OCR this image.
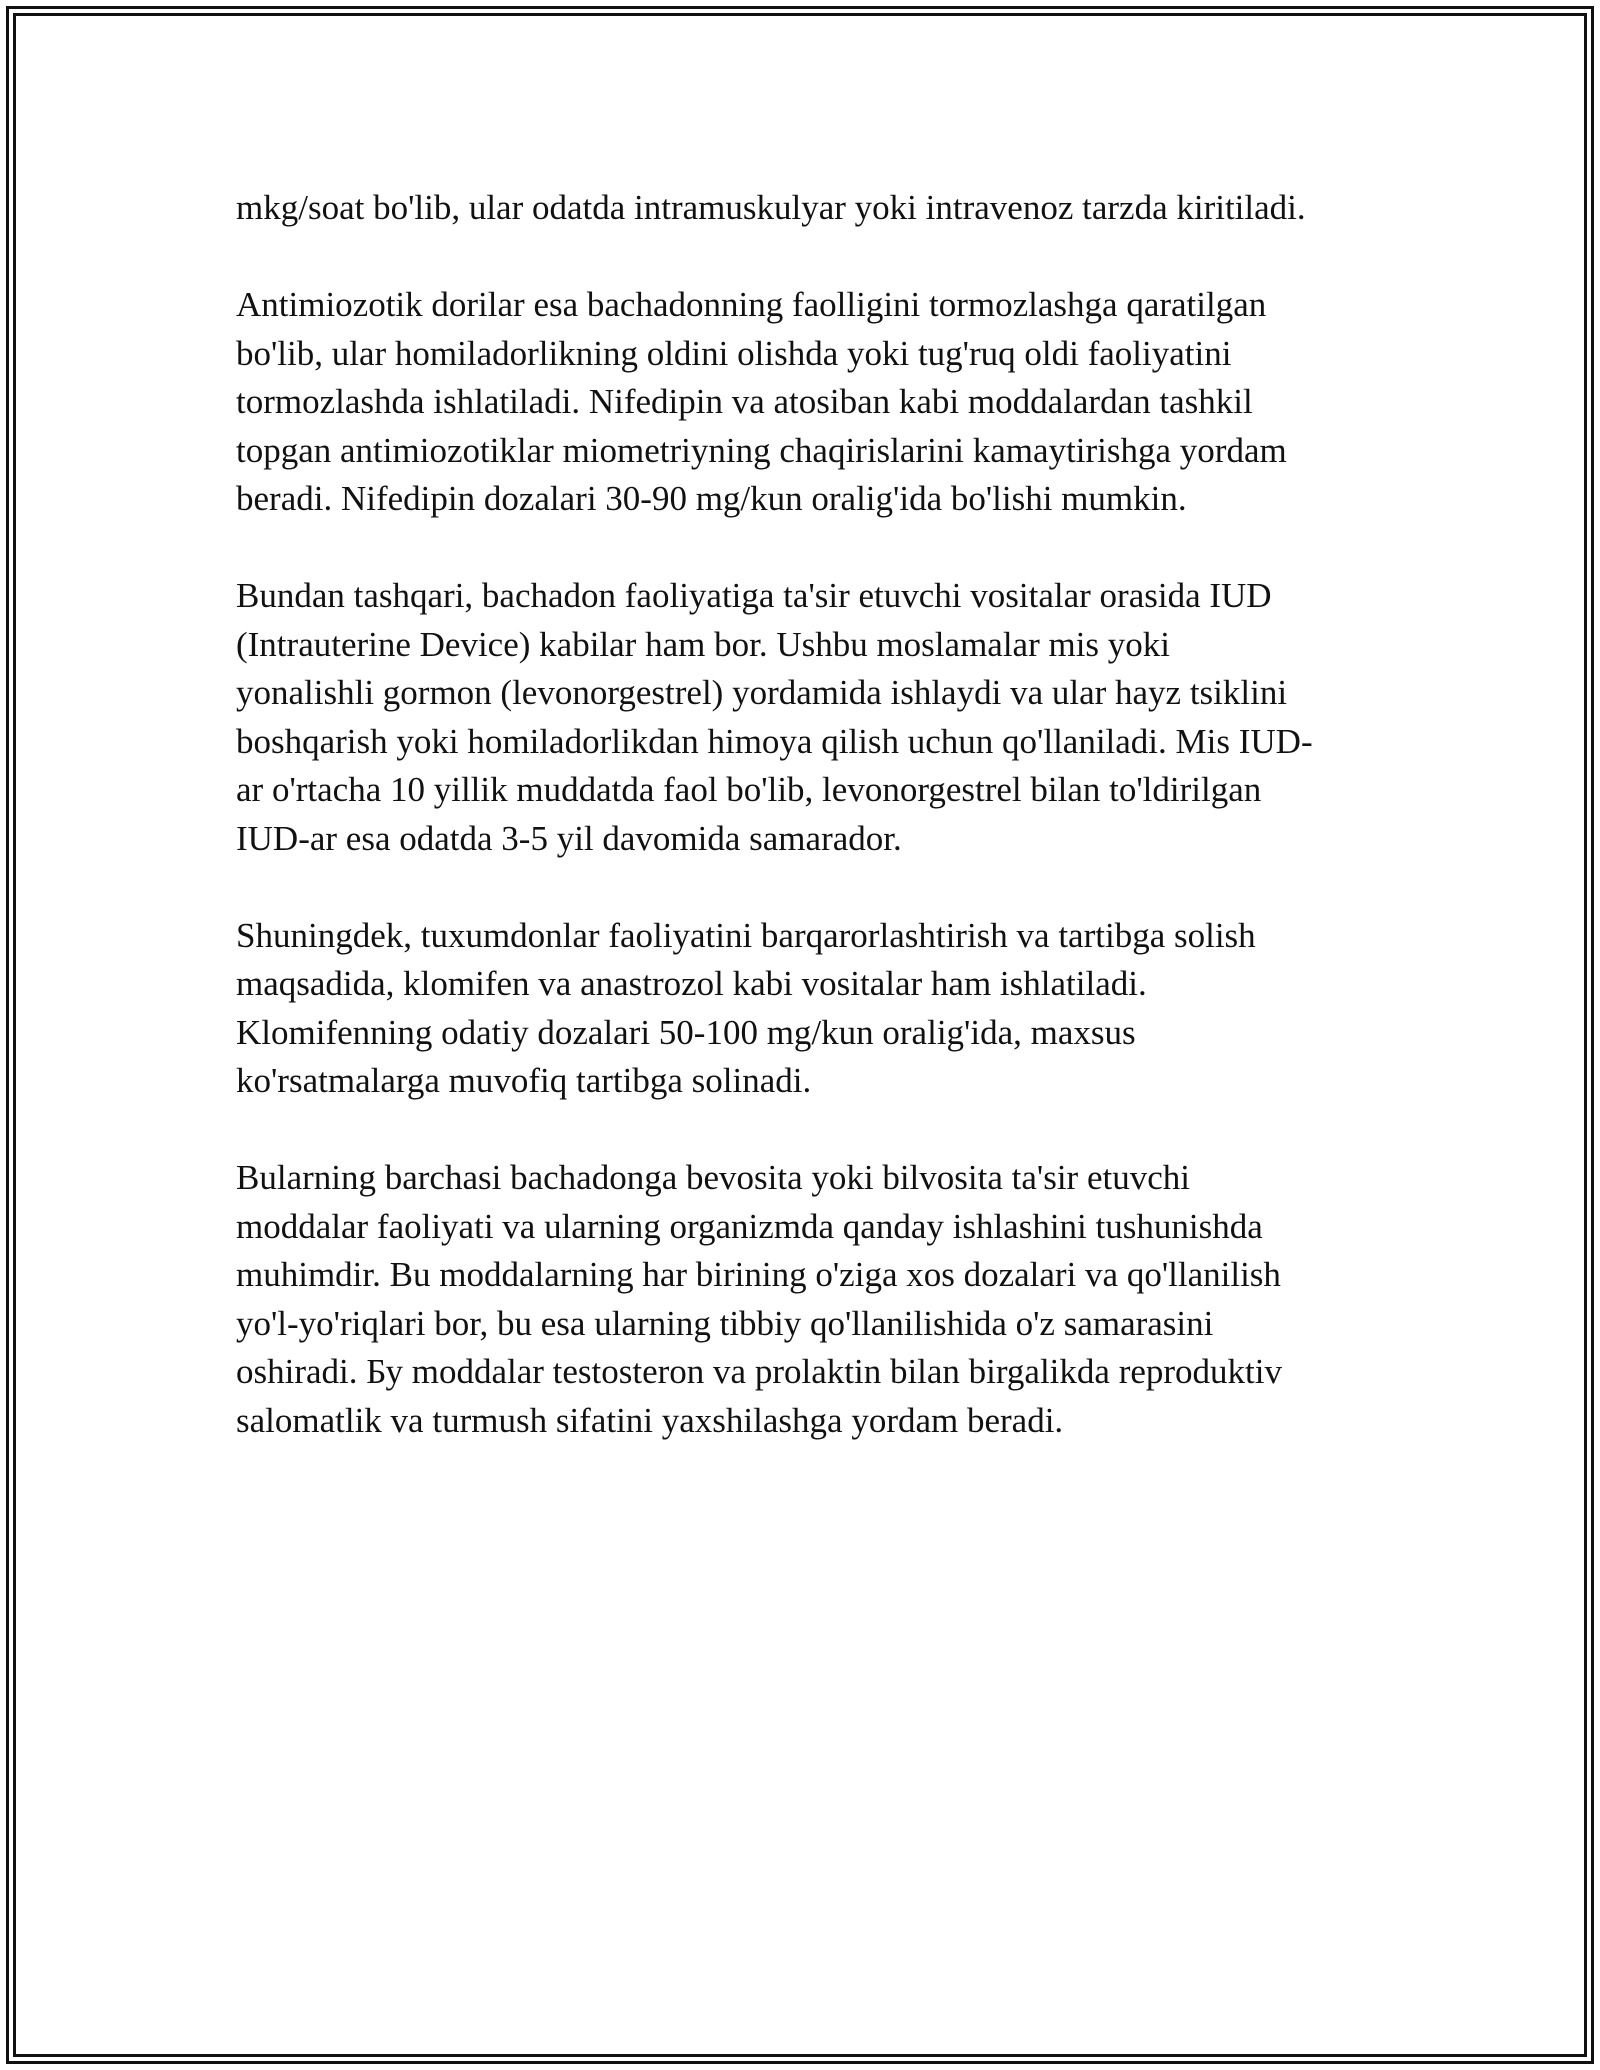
mkg/soat bo'lib, ular odatda intramuskulyar yoki intravenoz tarzda kiritiladi.

Antimiozotik dorilar esa bachadonning faolligini tormozlashga qaratilgan
bo'lib, ular homiladorlikning oldini olishda yoki tug'ruq oldi faoliyatini
tormozlashda ishlatiladi. Nifedipin va atosiban kabi moddalardan tashkil
topgan antimiozotiklar miometriyning chaqirislarini kamaytirishga yordam
beradi. Nifedipin dozalari 30-90 mg/kun oralig'ida bo'lishi mumkin.

Bundan tashqari, bachadon faoliyatiga ta'sir etuvchi vositalar orasida IUD
(Intrauterine Device) kabilar ham bor. Ushbu moslamalar mis yoki
yonalishli gormon (levonorgestrel) yordamida ishlaydi va ular hayz tsiklini
boshqarish yoki homiladorlikdan himoya qilish uchun qo'llaniladi. Mis IUD-
ar o'rtacha 10 yillik muddatda faol bo'lib, levonorgestrel bilan to'ldirilgan
IUD-ar esa odatda 3-5 yil davomida samarador.

Shuningdek, tuxumdonlar faoliyatini barqarorlashtirish va tartibga solish
maqsadida, klomifen va anastrozol kabi vositalar ham ishlatiladi.
Klomifenning odatiy dozalari 50-100 mg/kun oralig'ida, maxsus
ko'rsatmalarga muvofiq tartibga solinadi.

Bularning barchasi bachadonga bevosita yoki bilvosita ta'sir etuvchi
moddalar faoliyati va ularning organizmda qanday ishlashini tushunishda
muhimdir. Bu moddalarning har birining o'ziga xos dozalari va qo'llanilish
yo'l-yo'riqlari bor, bu esa ularning tibbiy qo'llanilishida o'z samarasini
oshiradi. Бу moddalar testosteron va prolaktin bilan birgalikda reproduktiv
salomatlik va turmush sifatini yaxshilashga yordam beradi.
